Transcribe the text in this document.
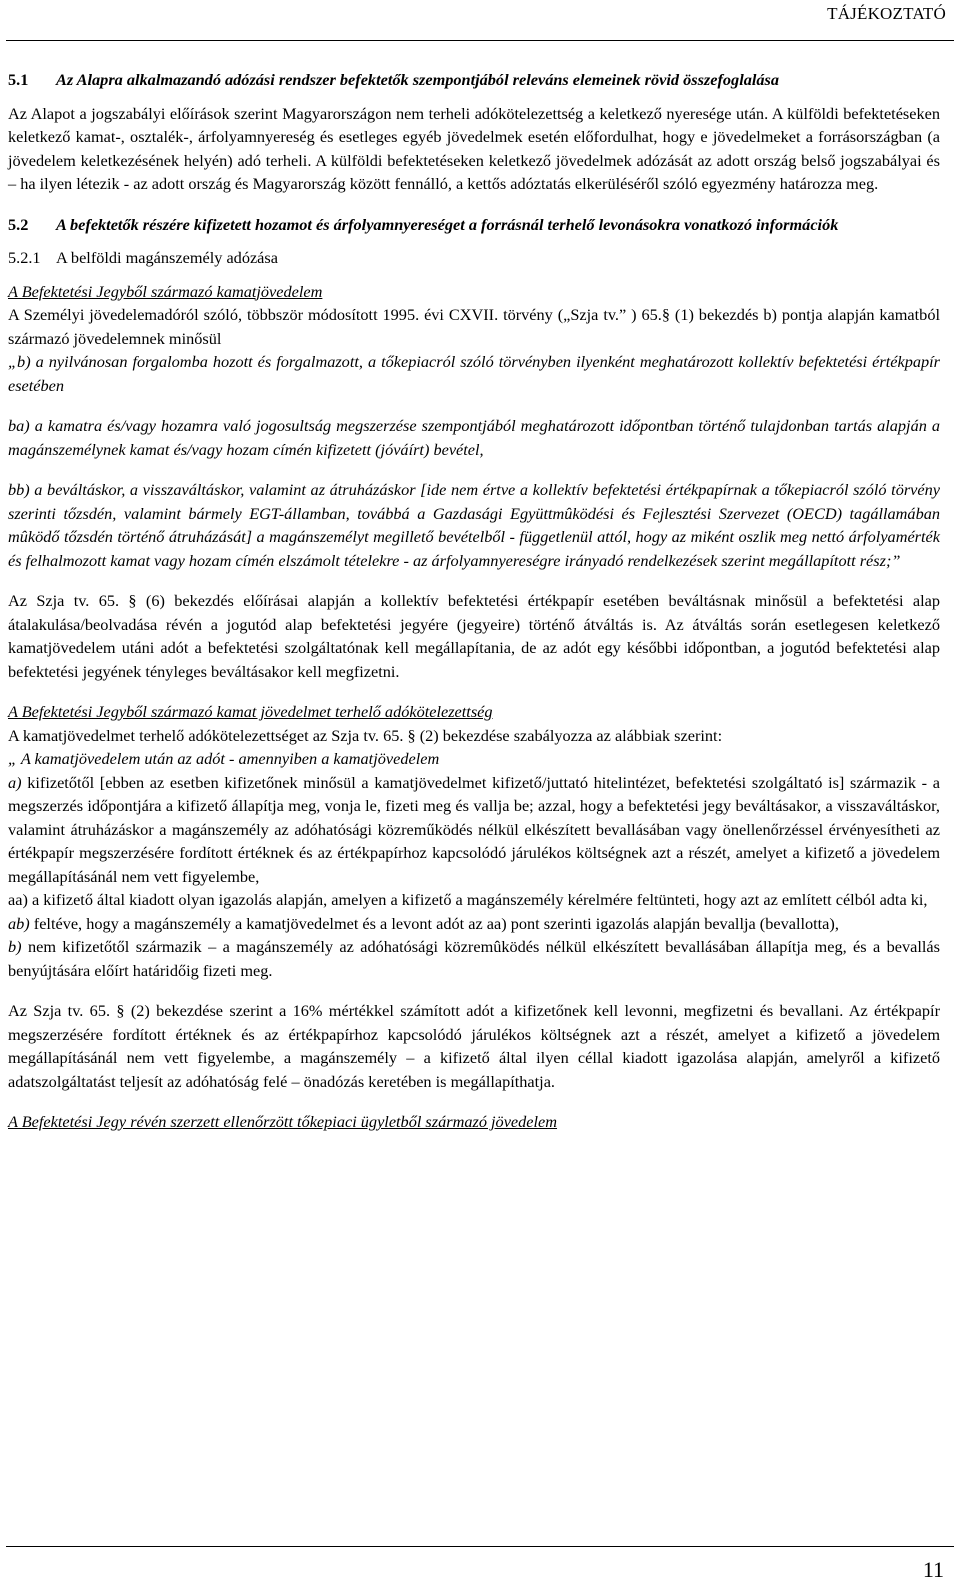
TÁJÉKOZTATÓ
5.1	Az Alapra alkalmazandó adózási rendszer befektetők szempontjából releváns elemeinek rövid összefoglalása

Az Alapot a jogszabályi előírások szerint Magyarországon nem terheli adókötelezettség a keletkező nyeresége után. A külföldi befektetéseken keletkező kamat-, osztalék-, árfolyamnyereség és esetleges egyéb jövedelmek esetén előfordulhat, hogy e jövedelmeket a forrásországban (a jövedelem keletkezésének helyén) adó terheli. A külföldi befektetéseken keletkező jövedelmek adózását az adott ország belső jogszabályai és – ha ilyen létezik - az adott ország és Magyarország között fennálló, a kettős adóztatás elkerüléséről szóló egyezmény határozza meg.

5.2	A befektetők részére kifizetett hozamot és árfolyamnyereséget a forrásnál terhelő levonásokra vonatkozó információk
5.2.1 A belföldi magánszemély adózása

A Befektetési Jegyből származó kamatjövedelem

A Személyi jövedelemadóról szóló, többször módosított 1995. évi CXVII. törvény („Szja tv.” ) 65.§ (1) bekezdés b) pontja alapján kamatból származó jövedelemnek minősül

„b) a nyilvánosan forgalomba hozott és forgalmazott, a tőkepiacról szóló törvényben ilyenként meghatározott kollektív befektetési értékpapír esetében

ba) a kamatra és/vagy hozamra való jogosultság megszerzése szempontjából meghatározott időpontban történő tulajdonban tartás alapján a magánszemélynek kamat és/vagy hozam címén kifizetett (jóváírt) bevétel,

bb) a beváltáskor, a visszaváltáskor, valamint az átruházáskor [ide nem értve a kollektív befektetési értékpapírnak a tőkepiacról szóló törvény szerinti tőzsdén, valamint bármely EGT-államban, továbbá a Gazdasági Együttmûködési és Fejlesztési Szervezet (OECD) tagállamában mûködő tőzsdén történő átruházását] a magánszemélyt megillető bevételből - függetlenül attól, hogy az miként oszlik meg nettó árfolyamérték és felhalmozott kamat vagy hozam címén elszámolt tételekre - az árfolyamnyereségre irányadó rendelkezések szerint megállapított rész;”

Az Szja tv. 65. § (6) bekezdés előírásai alapján a kollektív befektetési értékpapír esetében beváltásnak minősül a befektetési alap átalakulása/beolvadása révén a jogutód alap befektetési jegyére (jegyeire) történő átváltás is. Az átváltás során esetlegesen keletkező kamatjövedelem utáni adót a befektetési szolgáltatónak kell megállapítania, de az adót egy későbbi időpontban, a jogutód befektetési alap befektetési jegyének tényleges beváltásakor kell megfizetni.

A Befektetési Jegyből származó kamat jövedelmet terhelő adókötelezettség

A kamatjövedelmet terhelő adókötelezettséget az Szja tv. 65. § (2) bekezdése szabályozza az alábbiak szerint:

„ A kamatjövedelem után az adót - amennyiben a kamatjövedelem

a) kifizetőtől [ebben az esetben kifizetőnek minősül a kamatjövedelmet kifizető/juttató hitelintézet, befektetési szolgáltató is] származik - a megszerzés időpontjára a kifizető állapítja meg, vonja le, fizeti meg és vallja be; azzal, hogy a befektetési jegy beváltásakor, a visszaváltáskor, valamint átruházáskor a magánszemély az adóhatósági közreműködés nélkül elkészített bevallásában vagy önellenőrzéssel érvényesítheti az értékpapír megszerzésére fordított értéknek és az értékpapírhoz kapcsolódó járulékos költségnek azt a részét, amelyet a kifizető a jövedelem megállapításánál nem vett figyelembe,

aa) a kifizető által kiadott olyan igazolás alapján, amelyen a kifizető a magánszemély kérelmére feltünteti, hogy azt az említett célból adta ki,

ab) feltéve, hogy a magánszemély a kamatjövedelmet és a levont adót az aa) pont szerinti igazolás alapján bevallja (bevallotta),

b) nem kifizetőtől származik – a magánszemély az adóhatósági közremûködés nélkül elkészített bevallásában állapítja meg, és a bevallás benyújtására előírt határidőig fizeti meg.

Az Szja tv. 65. § (2) bekezdése szerint a 16% mértékkel számított adót a kifizetőnek kell levonni, megfizetni és bevallani. Az értékpapír megszerzésére fordított értéknek és az értékpapírhoz kapcsolódó járulékos költségnek azt a részét, amelyet a kifizető a jövedelem megállapításánál nem vett figyelembe, a magánszemély – a kifizető által ilyen céllal kiadott igazolása alapján, amelyről a kifizető adatszolgáltatást teljesít az adóhatóság felé – önadózás keretében is megállapíthatja.

A Befektetési Jegy révén szerzett ellenőrzött tőkepiaci ügyletből származó jövedelem

11
